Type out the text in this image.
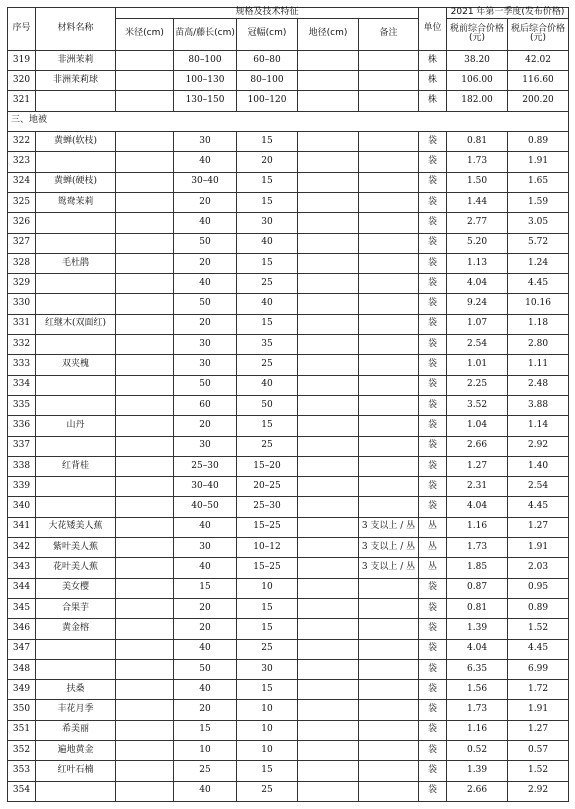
序号	材料名称	规格及技术特征					单位	2021 年第一季度(发布价格)	
		米径(cm)	苗高/藤长(cm)	冠幅(cm)	地径(cm)	备注		税前综合价格(元)	税后综合价格(元)
319	非洲茉莉		80–100	60–80			株	38.20	42.02
320	非洲茉莉球		100–130	80–100			株	106.00	116.60
321			130–150	100–120			株	182.00	200.20
三、地被									
322	黄蝉(软枝)		30	15			袋	0.81	0.89
323			40	20			袋	1.73	1.91
324	黄蝉(硬枝)		30–40	15			袋	1.50	1.65
325	鸳鸯茉莉		20	15			袋	1.44	1.59
326			40	30			袋	2.77	3.05
327			50	40			袋	5.20	5.72
328	毛杜鹃		20	15			袋	1.13	1.24
329			40	25			袋	4.04	4.45
330			50	40			袋	9.24	10.16
331	红继木(双面红)		20	15			袋	1.07	1.18
332			30	35			袋	2.54	2.80
333	双夹槐		30	25			袋	1.01	1.11
334			50	40			袋	2.25	2.48
335			60	50			袋	3.52	3.88
336	山丹		20	15			袋	1.04	1.14
337			30	25			袋	2.66	2.92
338	红背桂		25–30	15–20			袋	1.27	1.40
339			30–40	20–25			袋	2.31	2.54
340			40–50	25–30			袋	4.04	4.45
341	大花矮美人蕉		40	15–25		3 支以上 / 丛	丛	1.16	1.27
342	紫叶美人蕉		30	10–12		3 支以上 / 丛	丛	1.73	1.91
343	花叶美人蕉		40	15–25		3 支以上 / 丛	丛	1.85	2.03
344	美女樱		15	10			袋	0.87	0.95
345	合果芋		20	15			袋	0.81	0.89
346	黄金榕		20	15			袋	1.39	1.52
347			40	25			袋	4.04	4.45
348			50	30			袋	6.35	6.99
349	扶桑		40	15			袋	1.56	1.72
350	丰花月季		20	10			袋	1.73	1.91
351	希美丽		15	10			袋	1.16	1.27
352	遍地黄金		10	10			袋	0.52	0.57
353	红叶石楠		25	15			袋	1.39	1.52
354			40	25			袋	2.66	2.92
